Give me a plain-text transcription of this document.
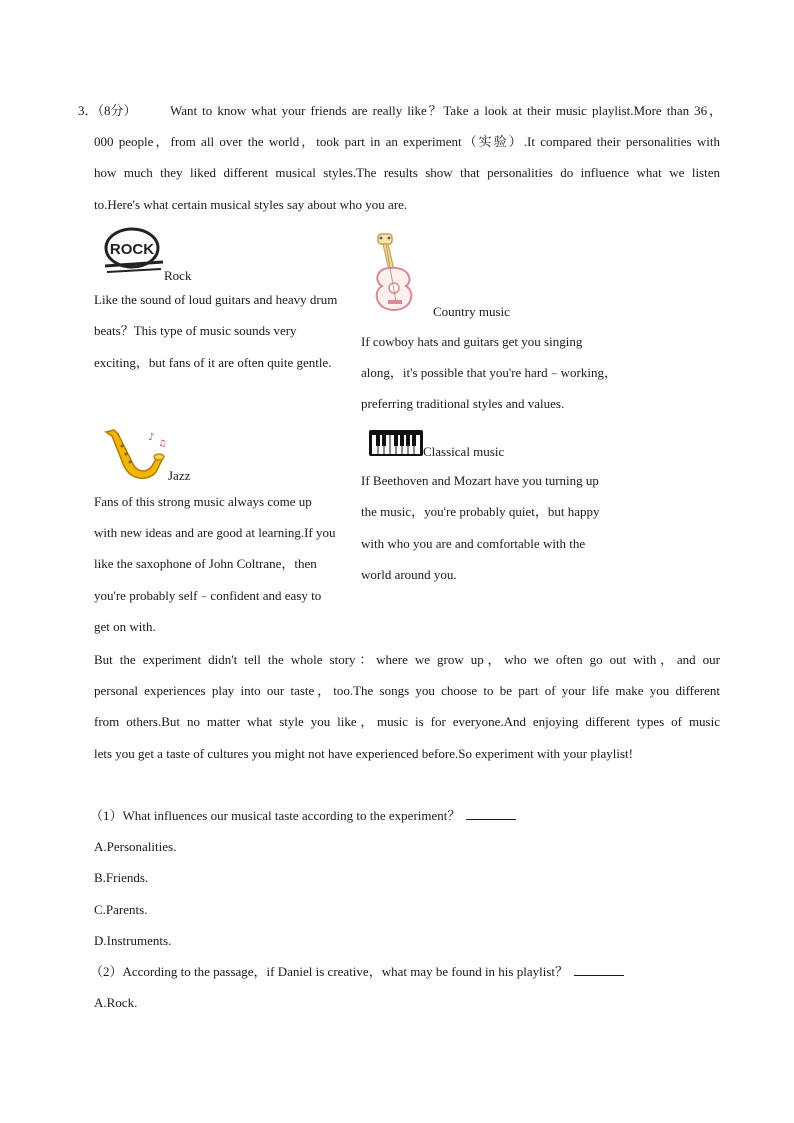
3．（8分）	Want to know what your friends are really like？Take a look at their music playlist.More than 36，
000 people，from all over the world，took part in an experiment（实验）.It compared their personalities with
how much they liked different musical styles.The results show that personalities do influence what we listen
to.Here's what certain musical styles say about who you are.
ROCK
Rock
Like the sound of loud guitars and heavy drum
beats？This type of music sounds very
exciting，but fans of it are often quite gentle.
Country music
If cowboy hats and guitars get you singing
along，it's possible that you're hard﹣working，
preferring traditional styles and values.
♪
♫
Jazz
Fans of this strong music always come up
with new ideas and are good at learning.If you
like the saxophone of John Coltrane，then
you're probably self﹣confident and easy to
get on with.
Classical music
If Beethoven and Mozart have you turning up
the music，you're probably quiet，but happy
with who you are and comfortable with the
world around you.
But the experiment didn't tell the whole story：where we grow up，who we often go out with，and our
personal experiences play into our taste，too.The songs you choose to be part of your life make you different
from others.But no matter what style you like，music is for everyone.And enjoying different types of music
lets you get a taste of cultures you might not have experienced before.So experiment with your playlist!
（1）What influences our musical taste according to the experiment？
A.Personalities.
B.Friends.
C.Parents.
D.Instruments.
（2）According to the passage，if Daniel is creative，what may be found in his playlist？
A.Rock.
